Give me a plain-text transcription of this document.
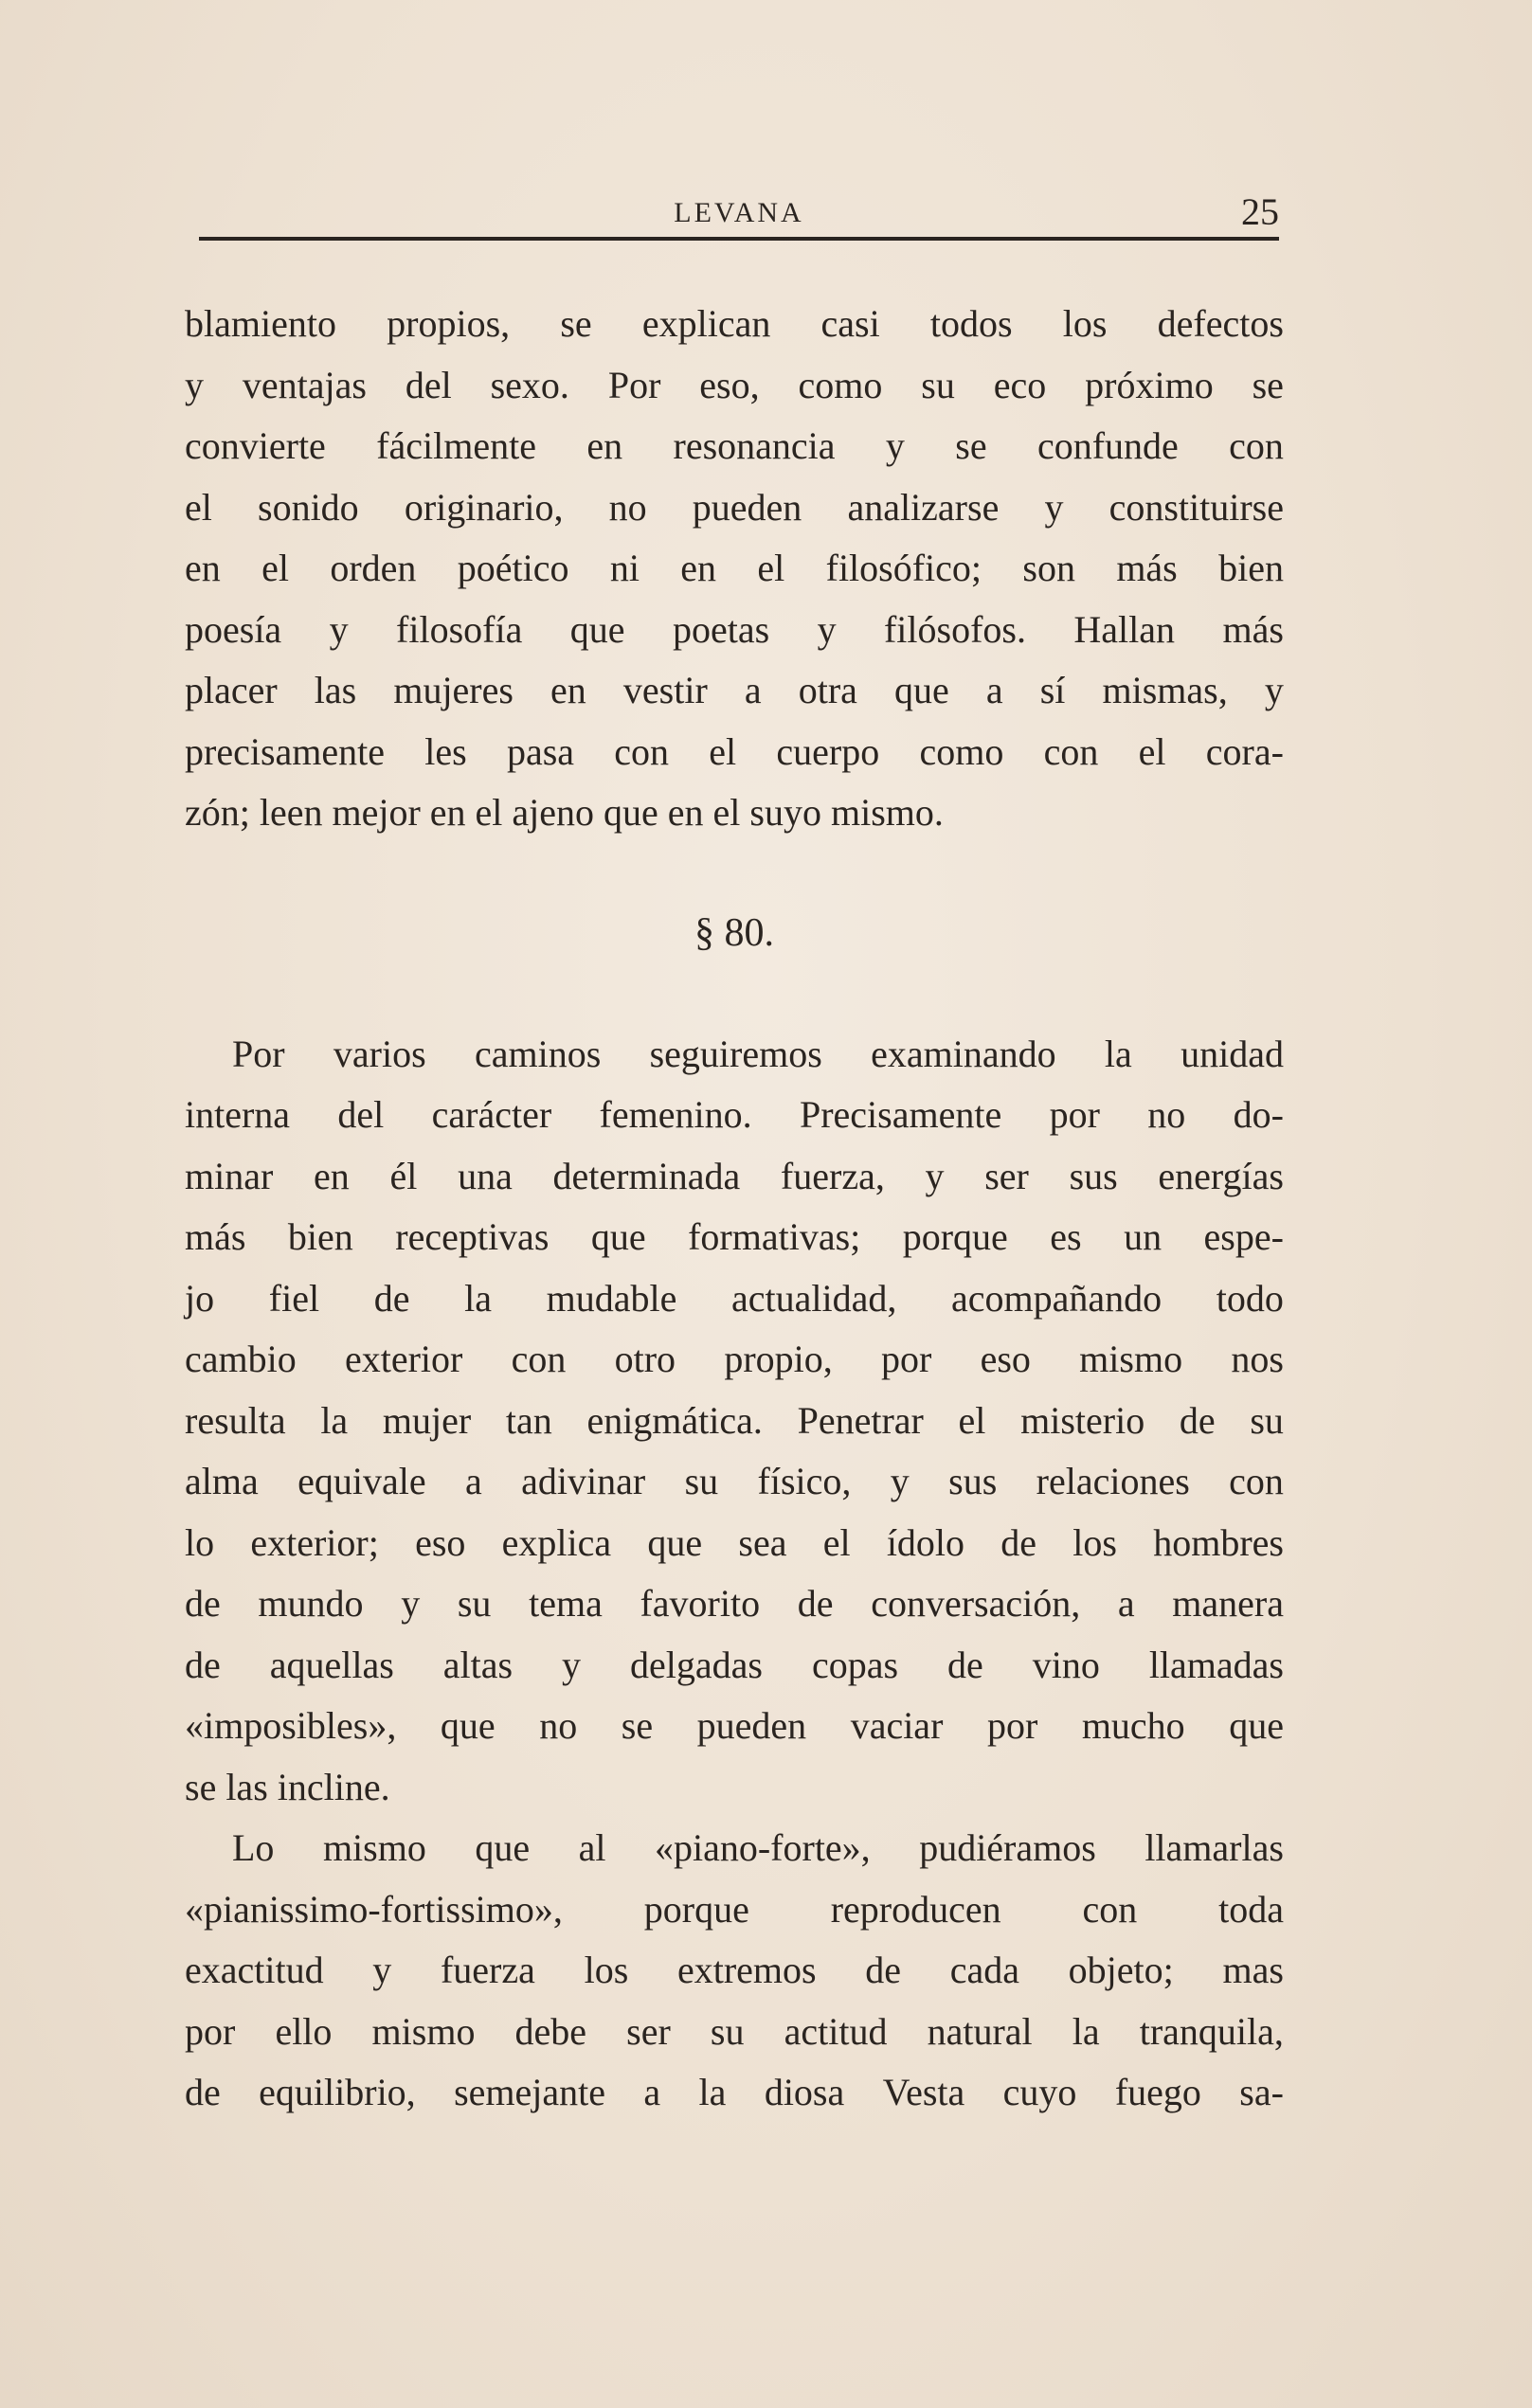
LEVANA	25
blamiento propios, se explican casi todos los defectos
y ventajas del sexo. Por eso, como su eco próximo se
convierte fácilmente en resonancia y se confunde con
el sonido originario, no pueden analizarse y constituirse
en el orden poético ni en el filosófico; son más bien
poesía y filosofía que poetas y filósofos. Hallan más
placer las mujeres en vestir a otra que a sí mismas, y
precisamente les pasa con el cuerpo como con el cora-
zón; leen mejor en el ajeno que en el suyo mismo.
§ 80.
Por varios caminos seguiremos examinando la unidad
interna del carácter femenino. Precisamente por no do-
minar en él una determinada fuerza, y ser sus energías
más bien receptivas que formativas; porque es un espe-
jo fiel de la mudable actualidad, acompañando todo
cambio exterior con otro propio, por eso mismo nos
resulta la mujer tan enigmática. Penetrar el misterio de su
alma equivale a adivinar su físico, y sus relaciones con
lo exterior; eso explica que sea el ídolo de los hombres
de mundo y su tema favorito de conversación, a manera
de aquellas altas y delgadas copas de vino llamadas
«imposibles», que no se pueden vaciar por mucho que
se las incline.
Lo mismo que al «piano-forte», pudiéramos llamarlas
«pianissimo-fortissimo», porque reproducen con toda
exactitud y fuerza los extremos de cada objeto; mas
por ello mismo debe ser su actitud natural la tranquila,
de equilibrio, semejante a la diosa Vesta cuyo fuego sa-
